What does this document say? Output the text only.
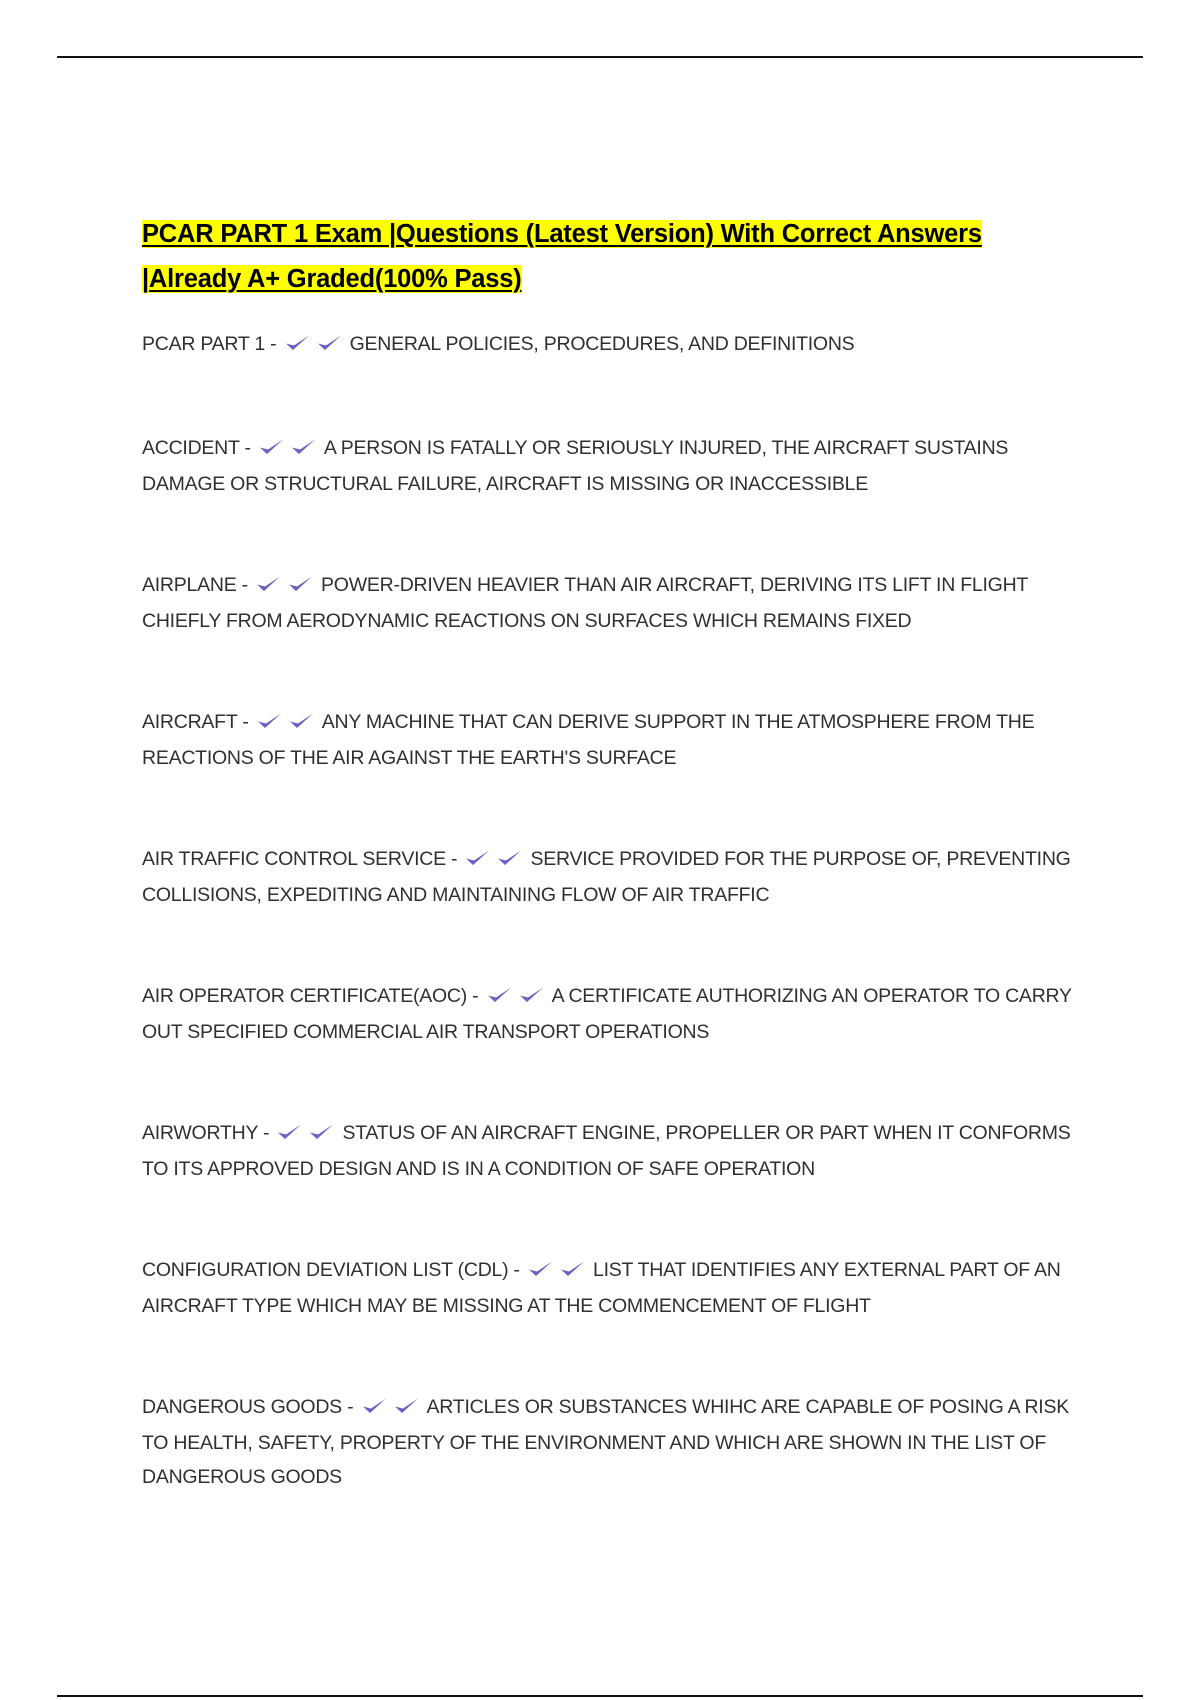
PCAR PART 1 Exam |Questions (Latest Version) With Correct Answers |Already A+ Graded(100% Pass)

PCAR PART 1 -	GENERAL POLICIES, PROCEDURES, AND DEFINITIONS

ACCIDENT -	A PERSON IS FATALLY OR SERIOUSLY INJURED, THE AIRCRAFT SUSTAINS DAMAGE OR STRUCTURAL FAILURE, AIRCRAFT IS MISSING OR INACCESSIBLE

AIRPLANE -	POWER-DRIVEN HEAVIER THAN AIR AIRCRAFT, DERIVING ITS LIFT IN FLIGHT CHIEFLY FROM AERODYNAMIC REACTIONS ON SURFACES WHICH REMAINS FIXED

AIRCRAFT -	ANY MACHINE THAT CAN DERIVE SUPPORT IN THE ATMOSPHERE FROM THE REACTIONS OF THE AIR AGAINST THE EARTH'S SURFACE

AIR TRAFFIC CONTROL SERVICE -	SERVICE PROVIDED FOR THE PURPOSE OF, PREVENTING COLLISIONS, EXPEDITING AND MAINTAINING FLOW OF AIR TRAFFIC

AIR OPERATOR CERTIFICATE(AOC) -	A CERTIFICATE AUTHORIZING AN OPERATOR TO CARRY OUT SPECIFIED COMMERCIAL AIR TRANSPORT OPERATIONS

AIRWORTHY -	STATUS OF AN AIRCRAFT ENGINE, PROPELLER OR PART WHEN IT CONFORMS TO ITS APPROVED DESIGN AND IS IN A CONDITION OF SAFE OPERATION

CONFIGURATION DEVIATION LIST (CDL) -	LIST THAT IDENTIFIES ANY EXTERNAL PART OF AN AIRCRAFT TYPE WHICH MAY BE MISSING AT THE COMMENCEMENT OF FLIGHT

DANGEROUS GOODS -	ARTICLES OR SUBSTANCES WHIHC ARE CAPABLE OF POSING A RISK TO HEALTH, SAFETY, PROPERTY OF THE ENVIRONMENT AND WHICH ARE SHOWN IN THE LIST OF DANGEROUS GOODS
